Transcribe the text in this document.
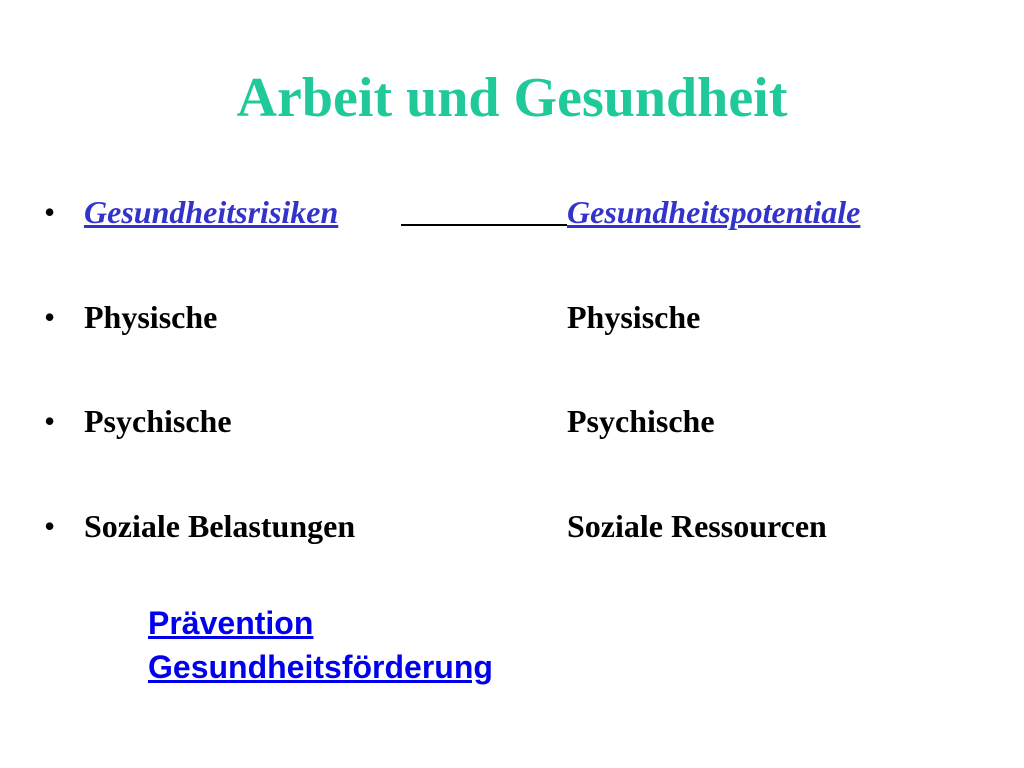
Arbeit und Gesundheit
• Gesundheitsrisiken	Gesundheitspotentiale
• Physische	Physische
• Psychische	Psychische
• Soziale Belastungen	Soziale Ressourcen
Prävention
Gesundheitsförderung
